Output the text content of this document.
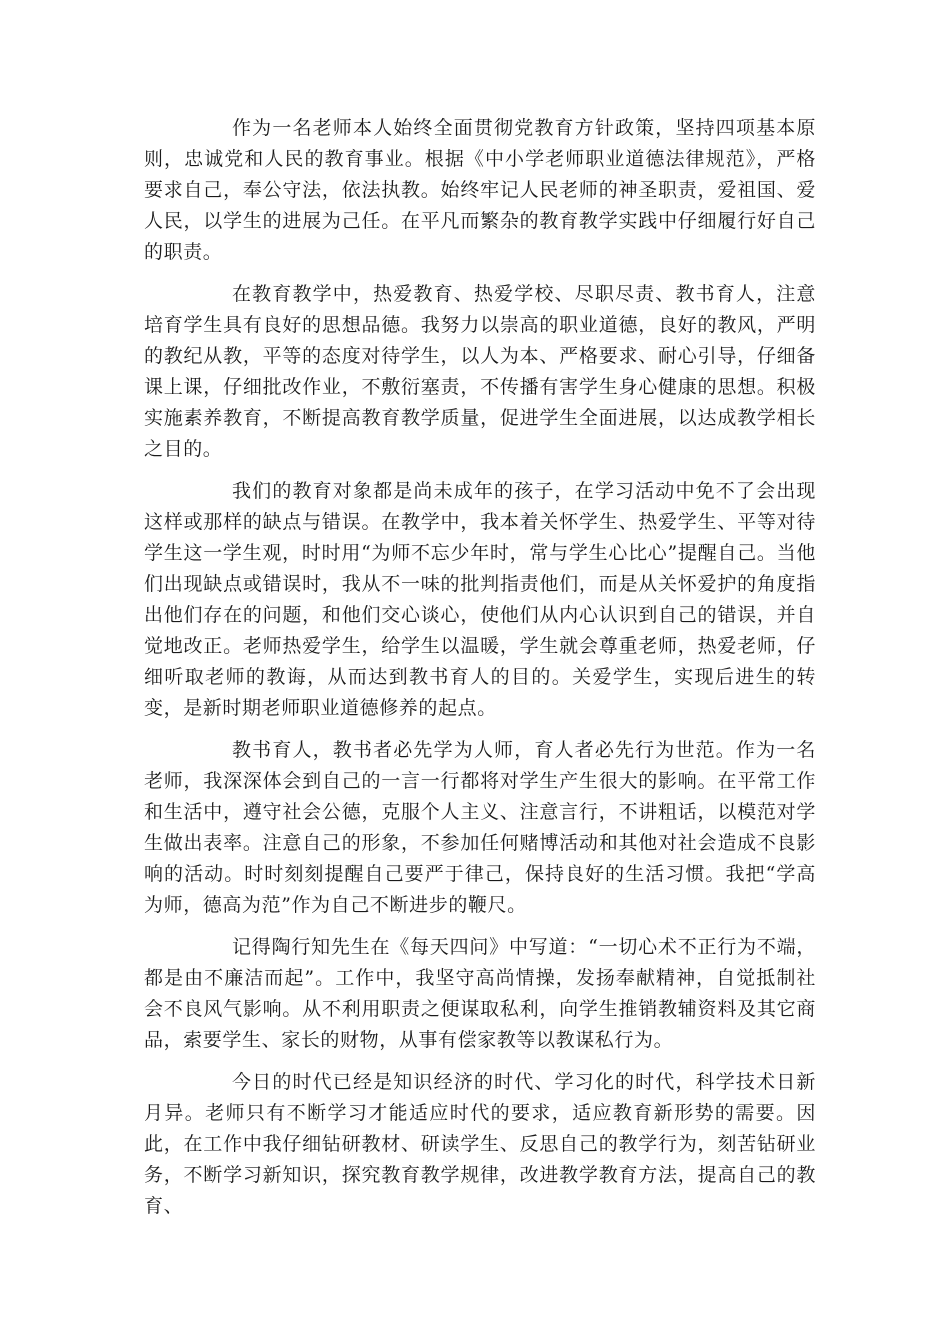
作为一名老师本人始终全面贯彻党教育方针政策，坚持四项基本原则，忠诚党和人民的教育事业。根据《中小学老师职业道德法律规范》，严格要求自己，奉公守法，依法执教。始终牢记人民老师的神圣职责，爱祖国、爱人民，以学生的进展为己任。在平凡而繁杂的教育教学实践中仔细履行好自己的职责。

在教育教学中，热爱教育、热爱学校、尽职尽责、教书育人，注意培育学生具有良好的思想品德。我努力以崇高的职业道德，良好的教风，严明的教纪从教，平等的态度对待学生，以人为本、严格要求、耐心引导，仔细备课上课，仔细批改作业，不敷衍塞责，不传播有害学生身心健康的思想。积极实施素养教育，不断提高教育教学质量，促进学生全面进展，以达成教学相长之目的。

我们的教育对象都是尚未成年的孩子，在学习活动中免不了会出现这样或那样的缺点与错误。在教学中，我本着关怀学生、热爱学生、平等对待学生这一学生观，时时用“为师不忘少年时，常与学生心比心”提醒自己。当他们出现缺点或错误时，我从不一味的批判指责他们，而是从关怀爱护的角度指出他们存在的问题，和他们交心谈心，使他们从内心认识到自己的错误，并自觉地改正。老师热爱学生，给学生以温暖，学生就会尊重老师，热爱老师，仔细听取老师的教诲，从而达到教书育人的目的。关爱学生，实现后进生的转变，是新时期老师职业道德修养的起点。

教书育人，教书者必先学为人师，育人者必先行为世范。作为一名老师，我深深体会到自己的一言一行都将对学生产生很大的影响。在平常工作和生活中，遵守社会公德，克服个人主义、注意言行，不讲粗话，以模范对学生做出表率。注意自己的形象，不参加任何赌博活动和其他对社会造成不良影响的活动。时时刻刻提醒自己要严于律己，保持良好的生活习惯。我把“学高为师，德高为范”作为自己不断进步的鞭尺。

记得陶行知先生在《每天四问》中写道：“一切心术不正行为不端，都是由不廉洁而起”。工作中，我坚守高尚情操，发扬奉献精神，自觉抵制社会不良风气影响。从不利用职责之便谋取私利，向学生推销教辅资料及其它商品，索要学生、家长的财物，从事有偿家教等以教谋私行为。

今日的时代已经是知识经济的时代、学习化的时代，科学技术日新月异。老师只有不断学习才能适应时代的要求，适应教育新形势的需要。因此，在工作中我仔细钻研教材、研读学生、反思自己的教学行为，刻苦钻研业务，不断学习新知识，探究教育教学规律，改进教学教育方法，提高自己的教育、
